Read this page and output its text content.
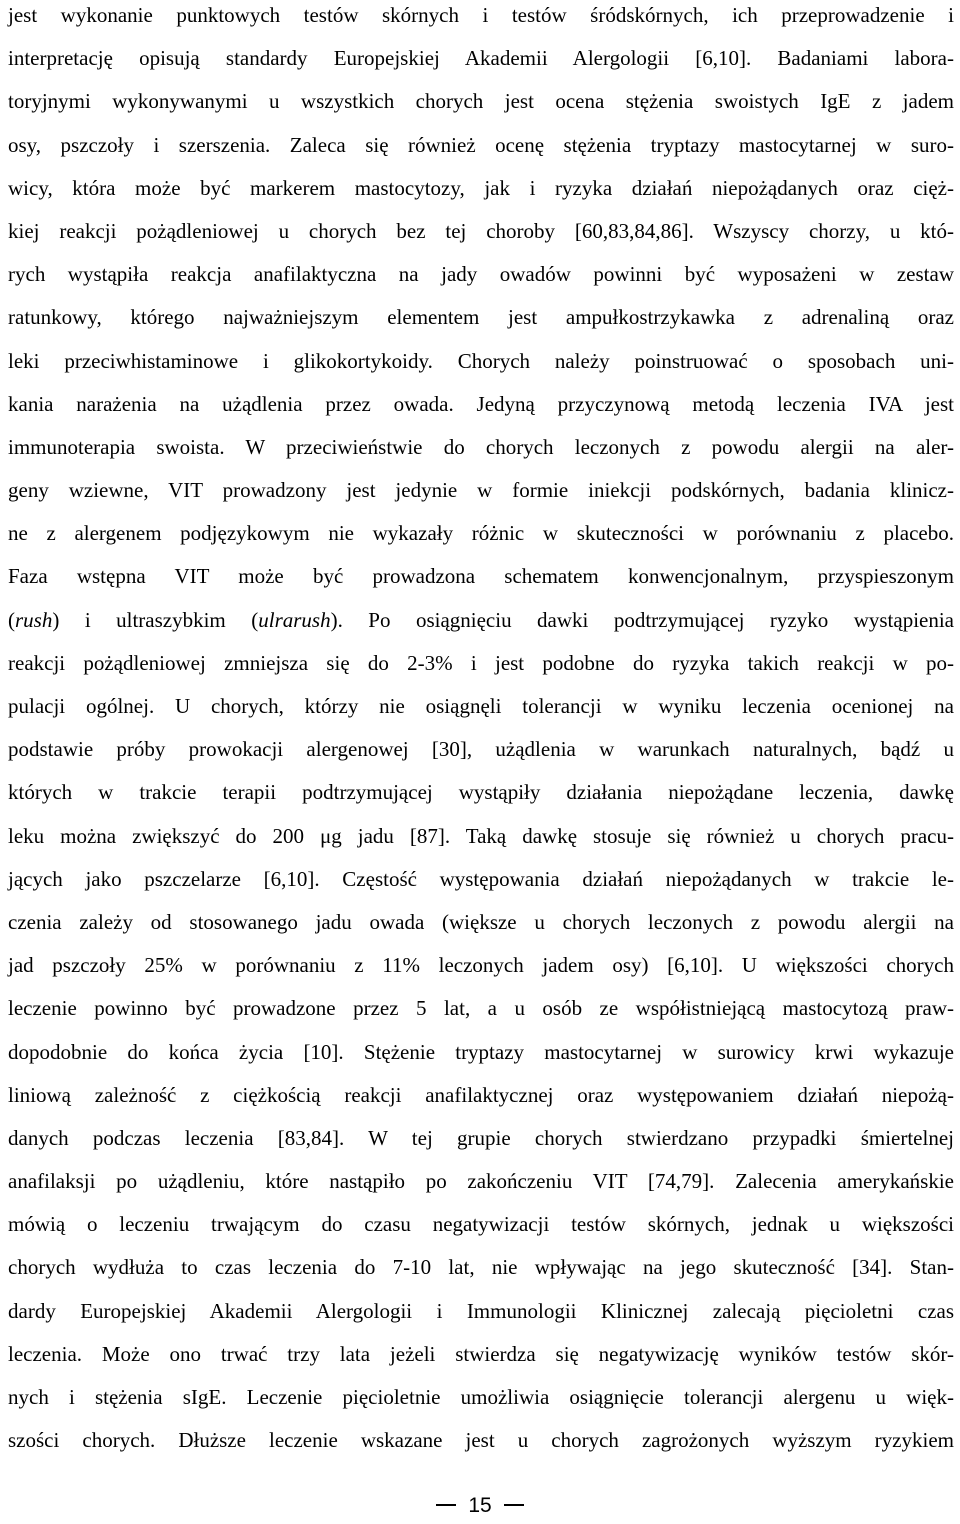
jest wykonanie punktowych testów skórnych i testów śródskórnych, ich przeprowadzenie i
interpretację opisują standardy Europejskiej Akademii Alergologii [6,10]. Badaniami labora-
toryjnymi wykonywanymi u wszystkich chorych jest ocena stężenia swoistych IgE z jadem
osy, pszczoły i szerszenia. Zaleca się również ocenę stężenia tryptazy mastocytarnej w suro-
wicy, która może być markerem mastocytozy, jak i ryzyka działań niepożądanych oraz cięż-
kiej reakcji pożądleniowej u chorych bez tej choroby [60,83,84,86]. Wszyscy chorzy, u któ-
rych wystąpiła reakcja anafilaktyczna na jady owadów powinni być wyposażeni w zestaw
ratunkowy, którego najważniejszym elementem jest ampułkostrzykawka z adrenaliną oraz
leki przeciwhistaminowe i glikokortykoidy. Chorych należy poinstruować o sposobach uni-
kania narażenia na użądlenia przez owada. Jedyną przyczynową metodą leczenia IVA jest
immunoterapia swoista. W przeciwieństwie do chorych leczonych z powodu alergii na aler-
geny wziewne, VIT prowadzony jest jedynie w formie iniekcji podskórnych, badania klinicz-
ne z alergenem podjęzykowym nie wykazały różnic w skuteczności w porównaniu z placebo.
Faza wstępna VIT może być prowadzona schematem konwencjonalnym, przyspieszonym
(rush) i ultraszybkim (ulrarush). Po osiągnięciu dawki podtrzymującej ryzyko wystąpienia
reakcji pożądleniowej zmniejsza się do 2-3% i jest podobne do ryzyka takich reakcji w po-
pulacji ogólnej. U chorych, którzy nie osiągnęli tolerancji w wyniku leczenia ocenionej na
podstawie próby prowokacji alergenowej [30], użądlenia w warunkach naturalnych, bądź u
których w trakcie terapii podtrzymującej wystąpiły działania niepożądane leczenia, dawkę
leku można zwiększyć do 200 μg jadu [87]. Taką dawkę stosuje się również u chorych pracu-
jących jako pszczelarze [6,10]. Częstość występowania działań niepożądanych w trakcie le-
czenia zależy od stosowanego jadu owada (większe u chorych leczonych z powodu alergii na
jad pszczoły 25% w porównaniu z 11% leczonych jadem osy) [6,10]. U większości chorych
leczenie powinno być prowadzone przez 5 lat, a u osób ze współistniejącą mastocytozą praw-
dopodobnie do końca życia [10]. Stężenie tryptazy mastocytarnej w surowicy krwi wykazuje
liniową zależność z ciężkością reakcji anafilaktycznej oraz występowaniem działań niepożą-
danych podczas leczenia [83,84]. W tej grupie chorych stwierdzano przypadki śmiertelnej
anafilaksji po użądleniu, które nastąpiło po zakończeniu VIT [74,79]. Zalecenia amerykańskie
mówią o leczeniu trwającym do czasu negatywizacji testów skórnych, jednak u większości
chorych wydłuża to czas leczenia do 7-10 lat, nie wpływając na jego skuteczność [34]. Stan-
dardy Europejskiej Akademii Alergologii i Immunologii Klinicznej zalecają pięcioletni czas
leczenia. Może ono trwać trzy lata jeżeli stwierdza się negatywizację wyników testów skór-
nych i stężenia sIgE. Leczenie pięcioletnie umożliwia osiągnięcie tolerancji alergenu u więk-
szości chorych. Dłuższe leczenie wskazane jest u chorych zagrożonych wyższym ryzykiem
15
